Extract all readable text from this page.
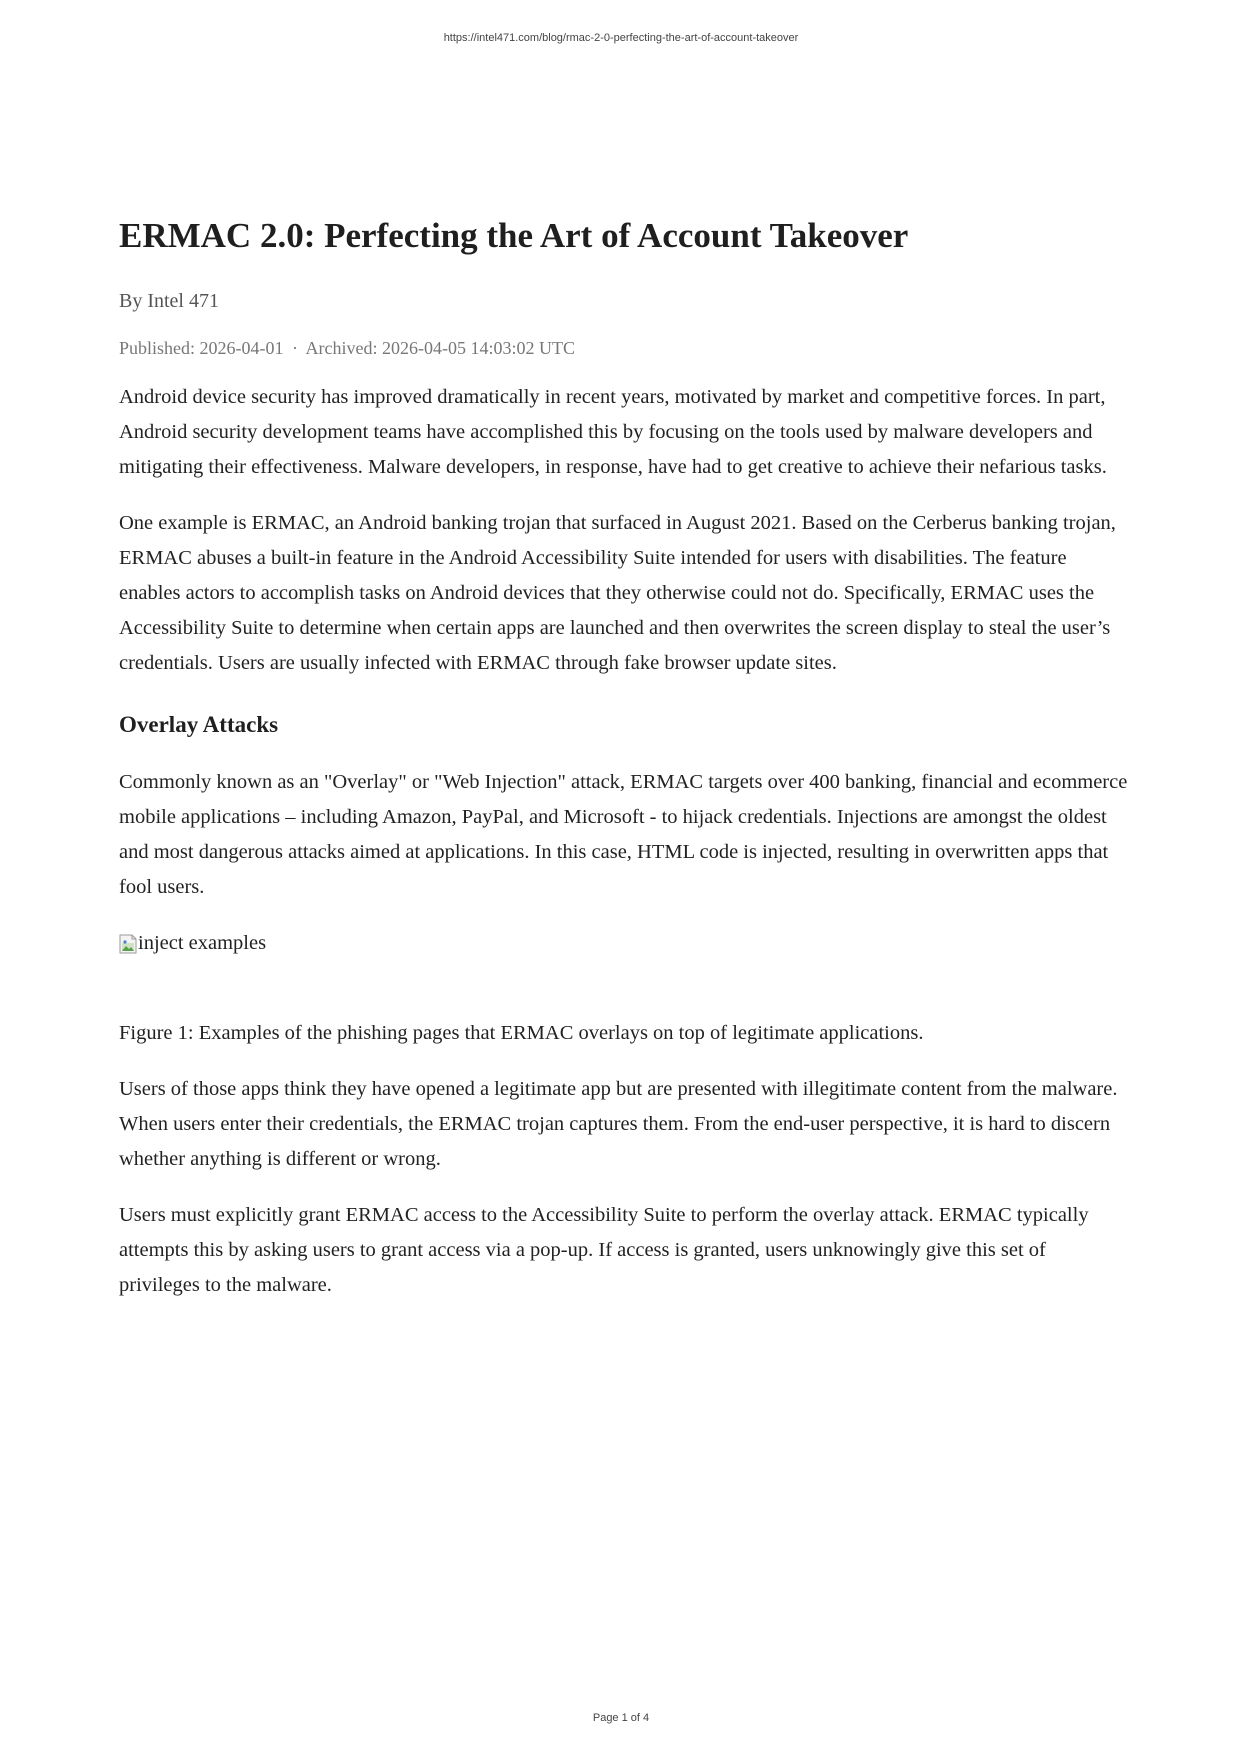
https://intel471.com/blog/rmac-2-0-perfecting-the-art-of-account-takeover
ERMAC 2.0: Perfecting the Art of Account Takeover
By Intel 471
Published: 2026-04-01 · Archived: 2026-04-05 14:03:02 UTC

Android device security has improved dramatically in recent years, motivated by market and competitive forces. In part, Android security development teams have accomplished this by focusing on the tools used by malware developers and mitigating their effectiveness. Malware developers, in response, have had to get creative to achieve their nefarious tasks.

One example is ERMAC, an Android banking trojan that surfaced in August 2021. Based on the Cerberus banking trojan, ERMAC abuses a built-in feature in the Android Accessibility Suite intended for users with disabilities. The feature enables actors to accomplish tasks on Android devices that they otherwise could not do. Specifically, ERMAC uses the Accessibility Suite to determine when certain apps are launched and then overwrites the screen display to steal the user’s credentials. Users are usually infected with ERMAC through fake browser update sites.

Overlay Attacks

Commonly known as an "Overlay" or "Web Injection" attack, ERMAC targets over 400 banking, financial and ecommerce mobile applications – including Amazon, PayPal, and Microsoft - to hijack credentials. Injections are amongst the oldest and most dangerous attacks aimed at applications. In this case, HTML code is injected, resulting in overwritten apps that fool users.

inject examples

Figure 1: Examples of the phishing pages that ERMAC overlays on top of legitimate applications.

Users of those apps think they have opened a legitimate app but are presented with illegitimate content from the malware. When users enter their credentials, the ERMAC trojan captures them. From the end-user perspective, it is hard to discern whether anything is different or wrong.

Users must explicitly grant ERMAC access to the Accessibility Suite to perform the overlay attack. ERMAC typically attempts this by asking users to grant access via a pop-up. If access is granted, users unknowingly give this set of privileges to the malware.

Page 1 of 4
